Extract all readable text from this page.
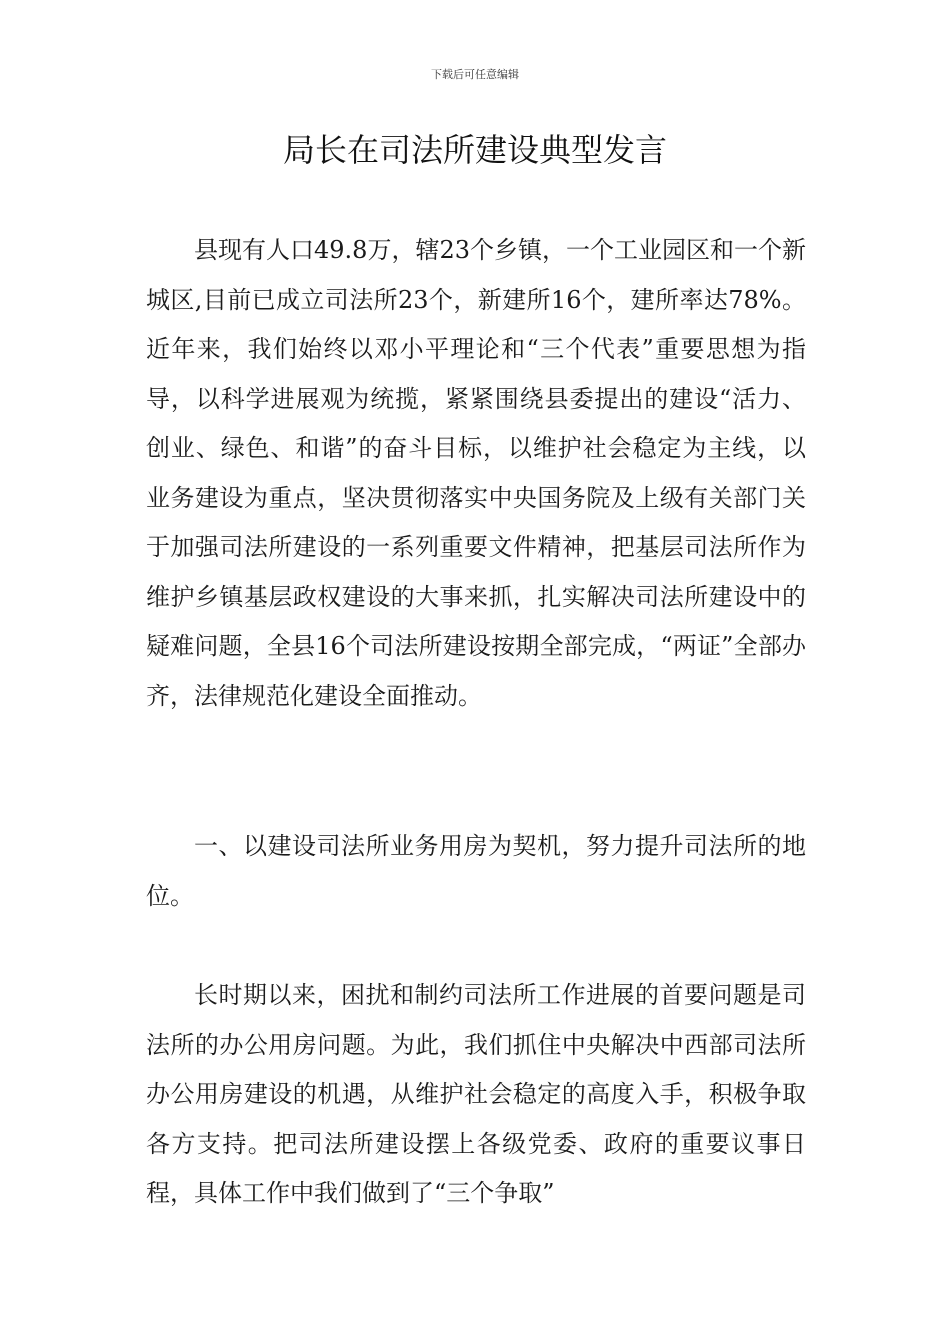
下载后可任意编辑
局长在司法所建设典型发言

县现有人口49.8万，辖23个乡镇，一个工业园区和一个新城区,目前已成立司法所23个，新建所16个，建所率达78%。近年来，我们始终以邓小平理论和“三个代表”重要思想为指导，以科学进展观为统揽，紧紧围绕县委提出的建设“活力、创业、绿色、和谐”的奋斗目标，以维护社会稳定为主线，以业务建设为重点，坚决贯彻落实中央国务院及上级有关部门关于加强司法所建设的一系列重要文件精神，把基层司法所作为维护乡镇基层政权建设的大事来抓，扎实解决司法所建设中的疑难问题，全县16个司法所建设按期全部完成，“两证”全部办齐，法律规范化建设全面推动。

一、以建设司法所业务用房为契机，努力提升司法所的地位。

长时期以来，困扰和制约司法所工作进展的首要问题是司法所的办公用房问题。为此，我们抓住中央解决中西部司法所办公用房建设的机遇，从维护社会稳定的高度入手，积极争取各方支持。把司法所建设摆上各级党委、政府的重要议事日程，具体工作中我们做到了“三个争取”
